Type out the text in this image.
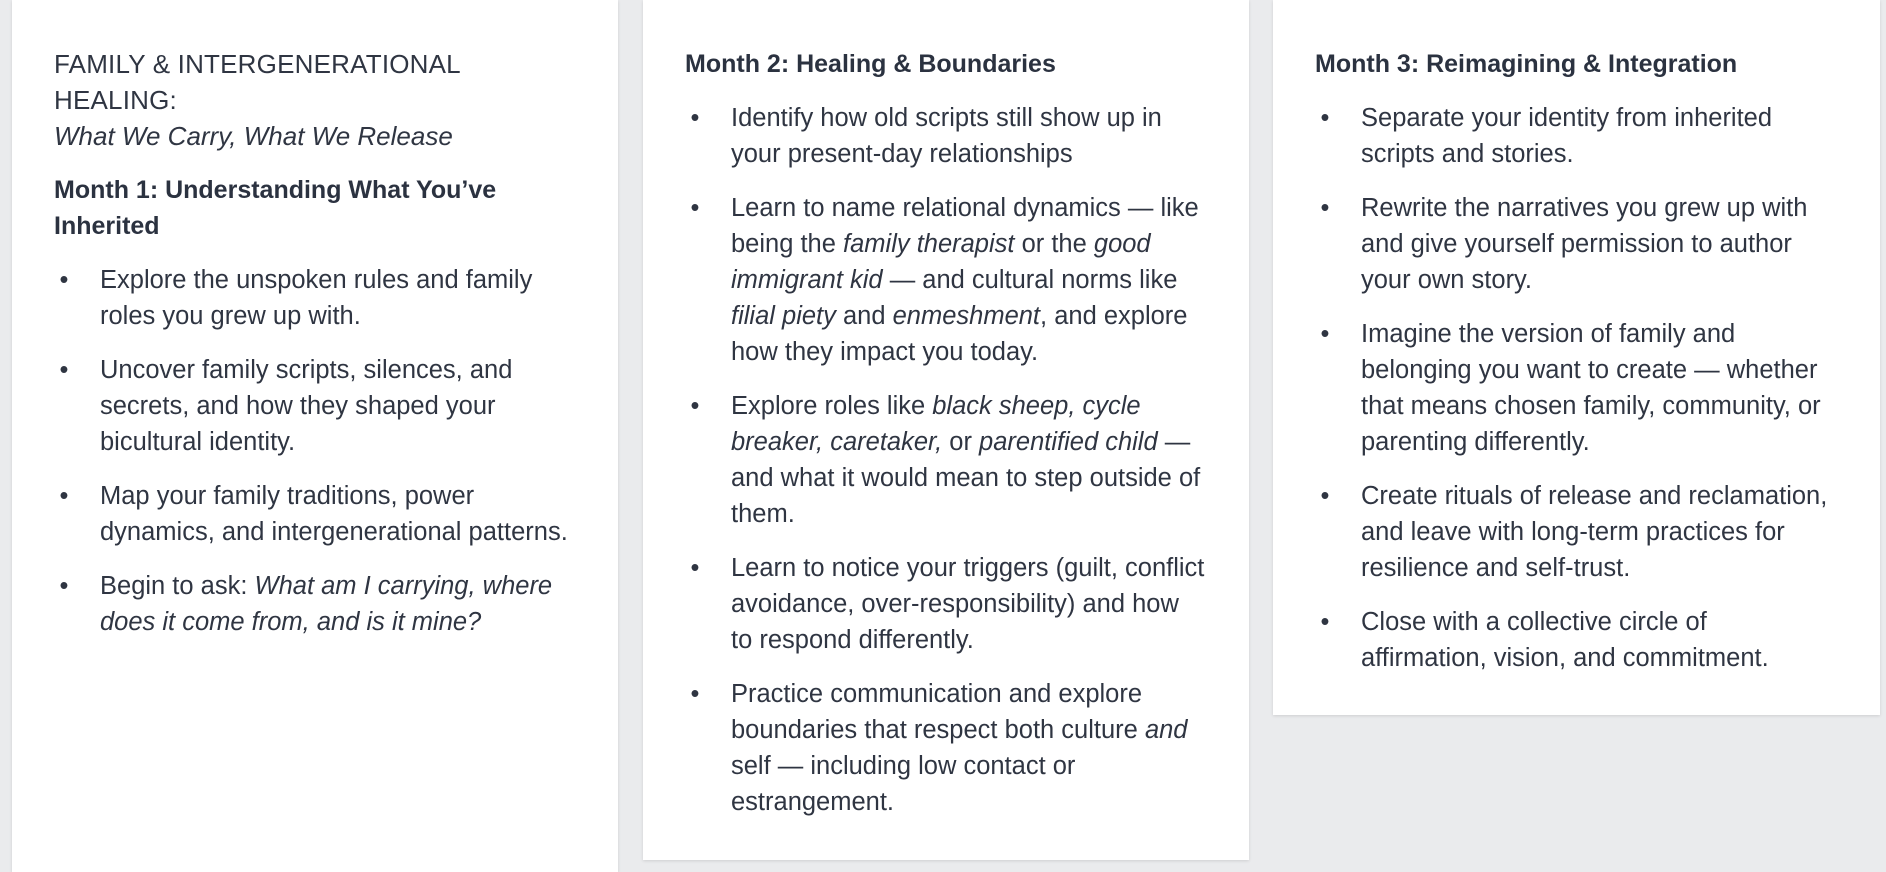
FAMILY & INTERGENERATIONAL HEALING:
What We Carry, What We Release
Month 1: Understanding What You’ve Inherited
• Explore the unspoken rules and family roles you grew up with.
• Uncover family scripts, silences, and secrets, and how they shaped your bicultural identity.
• Map your family traditions, power dynamics, and intergenerational patterns.
• Begin to ask: What am I carrying, where does it come from, and is it mine?
Month 2: Healing & Boundaries
• Identify how old scripts still show up in your present-day relationships
• Learn to name relational dynamics — like being the family therapist or the good immigrant kid — and cultural norms like filial piety and enmeshment, and explore how they impact you today.
• Explore roles like black sheep, cycle breaker, caretaker, or parentified child — and what it would mean to step outside of them.
• Learn to notice your triggers (guilt, conflict avoidance, over-responsibility) and how to respond differently.
• Practice communication and explore boundaries that respect both culture and self — including low contact or estrangement.
Month 3: Reimagining & Integration
• Separate your identity from inherited scripts and stories.
• Rewrite the narratives you grew up with and give yourself permission to author your own story.
• Imagine the version of family and belonging you want to create — whether that means chosen family, community, or parenting differently.
• Create rituals of release and reclamation, and leave with long-term practices for resilience and self-trust.
• Close with a collective circle of affirmation, vision, and commitment.
